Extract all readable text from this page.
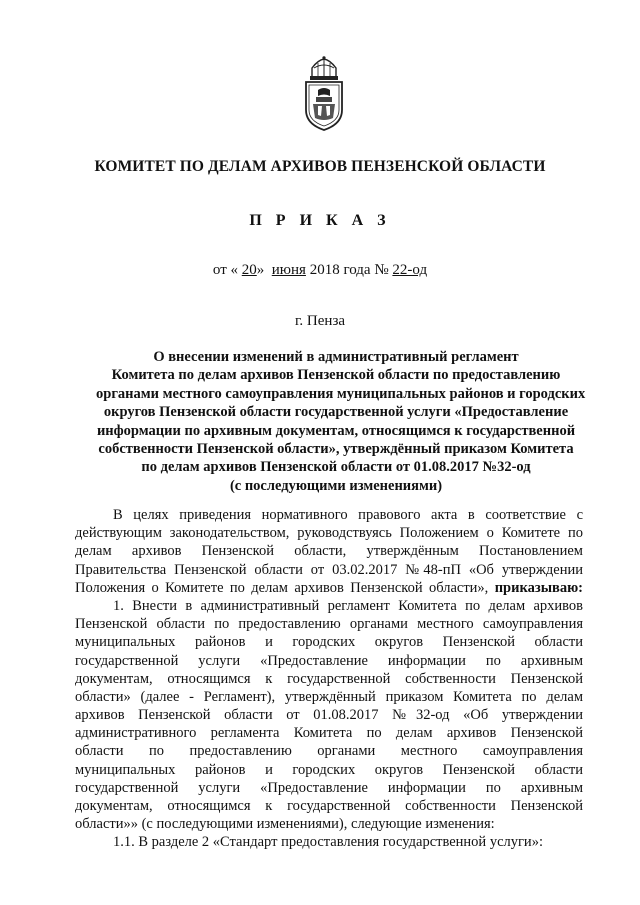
КОМИТЕТ ПО ДЕЛАМ АРХИВОВ ПЕНЗЕНСКОЙ ОБЛАСТИ
П Р И К А З
от « 20» июня 2018 года № 22-од
г. Пенза
О внесении изменений в административный регламент
Комитета по делам архивов Пензенской области по предоставлению
органами местного самоуправления муниципальных районов и городских
округов Пензенской области государственной услуги «Предоставление
информации по архивным документам, относящимся к государственной
собственности Пензенской области», утверждённый приказом Комитета
по делам архивов Пензенской области от 01.08.2017 №32-од
(с последующими изменениями)
В целях приведения нормативного правового акта в соответствие с
действующим законодательством, руководствуясь Положением о Комитете по
делам архивов Пензенской области, утверждённым Постановлением
Правительства Пензенской области от 03.02.2017 №48-пП «Об утверждении
Положения о Комитете по делам архивов Пензенской области», приказываю:
1. Внести в административный регламент Комитета по делам архивов
Пензенской области по предоставлению органами местного самоуправления
муниципальных районов и городских округов Пензенской области
государственной услуги «Предоставление информации по архивным
документам, относящимся к государственной собственности Пензенской
области» (далее - Регламент), утверждённый приказом Комитета по делам
архивов Пензенской области от 01.08.2017 №32-од «Об утверждении
административного регламента Комитета по делам архивов Пензенской
области по предоставлению органами местного самоуправления
муниципальных районов и городских округов Пензенской области
государственной услуги «Предоставление информации по архивным
документам, относящимся к государственной собственности Пензенской
области»» (с последующими изменениями), следующие изменения:
1.1. В разделе 2 «Стандарт предоставления государственной услуги»:
